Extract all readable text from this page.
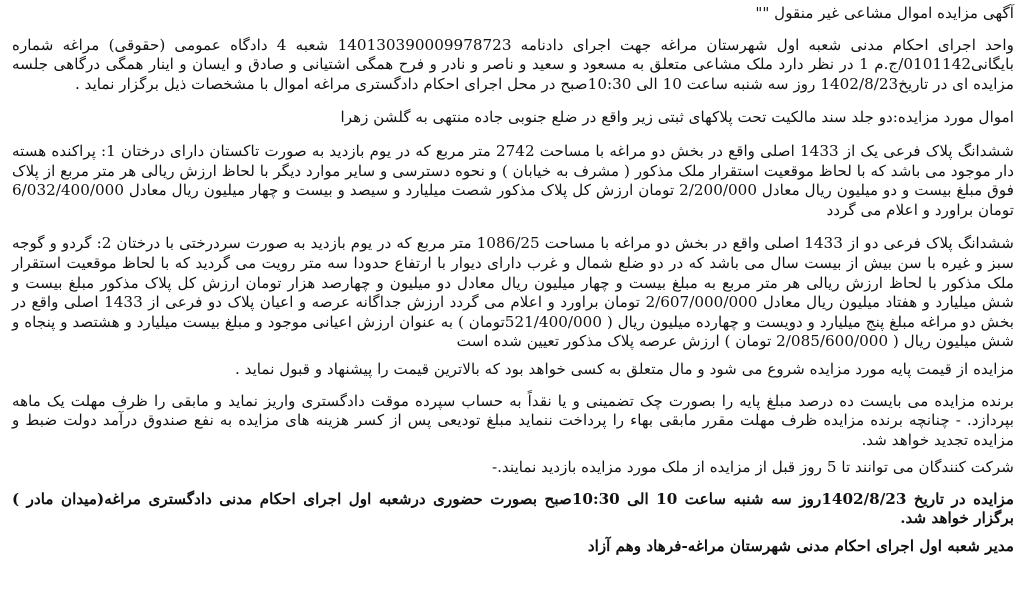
آگهی مزایده اموال مشاعی غیر منقول ""

واحد اجرای احکام مدنی شعبه اول شهرستان مراغه جهت اجرای دادنامه 140130390009978723 شعبه 4 دادگاه عمومی (حقوقی) مراغه شماره بایگانی0101142/ج.م 1 در نظر دارد ملک مشاعی متعلق به مسعود و سعید و ناصر و نادر و فرح همگی اشتیانی و صادق و ایسان و اینار همگی درگاهی جلسه مزایده ای در تاریخ1402/8/23 روز سه شنبه ساعت 10 الی 10:30صبح در محل اجرای احکام دادگستری مراغه اموال با مشخصات ذیل برگزار نماید .

اموال مورد مزایده:دو جلد سند مالکیت تحت پلاکهای ثبتی زیر واقع در ضلع جنوبی جاده منتهی به گلشن زهرا

ششدانگ پلاک فرعی یک از 1433 اصلی واقع در بخش دو مراغه با مساحت 2742 متر مربع که در یوم بازدید به صورت تاکستان دارای درختان 1: پراکنده هسته دار موجود می باشد که با لحاظ موقعیت استقرار ملک مذکور ( مشرف به خیابان ) و نحوه دسترسی و سایر موارد دیگر با لحاظ ارزش ریالی هر متر مربع از پلاک فوق مبلغ بیست و دو میلیون ریال معادل 2/200/000 تومان ارزش کل پلاک مذکور شصت میلیارد و سیصد و بیست و چهار میلیون ریال معادل 6/032/400/000 تومان براورد و اعلام می گردد

ششدانگ پلاک فرعی دو از 1433 اصلی واقع در بخش دو مراغه با مساحت 1086/25 متر مربع که در یوم بازدید به صورت سردرختی با درختان 2: گردو و گوجه سبز و غیره با سن بیش از بیست سال می باشد که در دو ضلع شمال و غرب دارای دیوار با ارتفاع حدودا سه متر رویت می گردید که با لحاظ موقعیت استقرار ملک مذکور با لحاظ ارزش ریالی هر متر مربع به مبلغ بیست و چهار میلیون ریال معادل دو میلیون و چهارصد هزار تومان ارزش کل پلاک مذکور مبلغ بیست و شش میلیارد و هفتاد میلیون ریال معادل 2/607/000/000 تومان براورد و اعلام می گردد ارزش جداگانه عرصه و اعیان پلاک دو فرعی از 1433 اصلی واقع در بخش دو مراغه مبلغ پنج میلیارد و دویست و چهارده میلیون ریال ( 521/400/000تومان ) به عنوان ارزش اعیانی موجود و مبلغ بیست میلیارد و هشتصد و پنجاه و شش میلیون ریال ( 2/085/600/000 تومان ) ارزش عرصه پلاک مذکور تعیین شده است

مزایده از قیمت پایه مورد مزایده شروع می شود و مال متعلق به کسی خواهد بود که بالاترین قیمت را پیشنهاد و قبول نماید .

برنده مزایده می بایست ده درصد مبلغ پایه را بصورت چک تضمینی و یا نقداً به حساب سپرده موقت دادگستری واریز نماید و مابقی را ظرف مهلت یک ماهه بپردازد. - چنانچه برنده مزایده ظرف مهلت مقرر مابقی بهاء را پرداخت ننماید مبلغ تودیعی پس از کسر هزینه های مزایده به نفع صندوق درآمد دولت ضبط و مزایده تجدید خواهد شد.

شرکت کنندگان می توانند تا 5 روز قبل از مزایده از ملک مورد مزایده بازدید نمایند.-

مزایده در تاریخ 1402/8/23روز سه شنبه ساعت 10 الی 10:30صبح بصورت حضوری درشعبه اول اجرای احکام مدنی دادگستری مراغه(میدان مادر ) برگزار خواهد شد.

مدیر شعبه اول اجرای احکام مدنی شهرستان مراغه-فرهاد وهم آزاد
